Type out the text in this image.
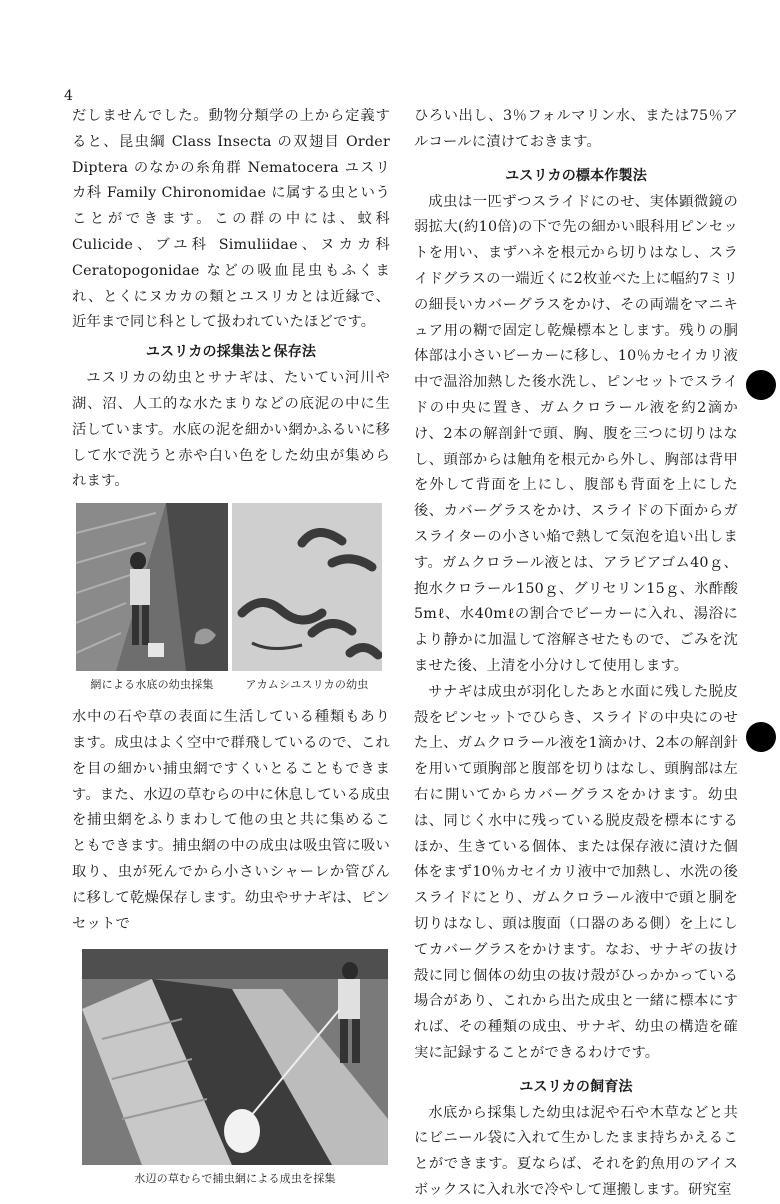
4

だしませんでした。動物分類学の上から定義すると、昆虫綱 Class Insecta の双翅目 Order Diptera のなかの糸角群 Nematocera ユスリカ科 Family Chironomidae に属する虫ということができます。この群の中には、蚊科 Culicide、ブユ科 Simuliidae、ヌカカ科 Ceratopogonidae などの吸血昆虫もふくまれ、とくにヌカカの類とユスリカとは近縁で、近年まで同じ科として扱われていたほどです。

ユスリカの採集法と保存法

ユスリカの幼虫とサナギは、たいてい河川や湖、沼、人工的な水たまりなどの底泥の中に生活しています。水底の泥を細かい網かふるいに移して水で洗うと赤や白い色をした幼虫が集められます。

網による水底の幼虫採集	アカムシユスリカの幼虫

水中の石や草の表面に生活している種類もあります。成虫はよく空中で群飛しているので、これを目の細かい捕虫網ですくいとることもできます。また、水辺の草むらの中に休息している成虫を捕虫網をふりまわして他の虫と共に集めることもできます。捕虫網の中の成虫は吸虫管に吸い取り、虫が死んでから小さいシャーレか管びんに移して乾燥保存します。幼虫やサナギは、ピンセットで

水辺の草むらで捕虫網による成虫を採集

ひろい出し、3％フォルマリン水、または75％アルコールに漬けておきます。

ユスリカの標本作製法

成虫は一匹ずつスライドにのせ、実体顕微鏡の弱拡大(約10倍)の下で先の細かい眼科用ピンセットを用い、まずハネを根元から切りはなし、スライドグラスの一端近くに2枚並べた上に幅約7ミリの細長いカバーグラスをかけ、その両端をマニキュア用の糊で固定し乾燥標本とします。残りの胴体部は小さいビーカーに移し、10％カセイカリ液中で温浴加熱した後水洗し、ピンセットでスライドの中央に置き、ガムクロラール液を約2滴かけ、2本の解剖針で頭、胸、腹を三つに切りはなし、頭部からは触角を根元から外し、胸部は背甲を外して背面を上にし、腹部も背面を上にした後、カバーグラスをかけ、スライドの下面からガスライターの小さい焔で熱して気泡を追い出します。ガムクロラール液とは、アラビアゴム40ｇ、抱水クロラール150ｇ、グリセリン15ｇ、氷酢酸5mℓ、水40mℓの割合でビーカーに入れ、湯浴により静かに加温して溶解させたもので、ごみを沈ませた後、上清を小分けして使用します。

サナギは成虫が羽化したあと水面に残した脱皮殻をピンセットでひらき、スライドの中央にのせた上、ガムクロラール液を1滴かけ、2本の解剖針を用いて頭胸部と腹部を切りはなし、頭胸部は左右に開いてからカバーグラスをかけます。幼虫は、同じく水中に残っている脱皮殻を標本にするほか、生きている個体、または保存液に漬けた個体をまず10％カセイカリ液中で加熱し、水洗の後スライドにとり、ガムクロラール液中で頭と胴を切りはなし、頭は腹面（口器のある側）を上にしてカバーグラスをかけます。なお、サナギの抜け殻に同じ個体の幼虫の抜け殻がひっかかっている場合があり、これから出た成虫と一緒に標本にすれば、その種類の成虫、サナギ、幼虫の構造を確実に記録することができるわけです。

ユスリカの飼育法

水底から採集した幼虫は泥や石や木草などと共にビニール袋に入れて生かしたまま持ちかえることができます。夏ならば、それを釣魚用のアイスボックスに入れ氷で冷やして運搬します。研究室
